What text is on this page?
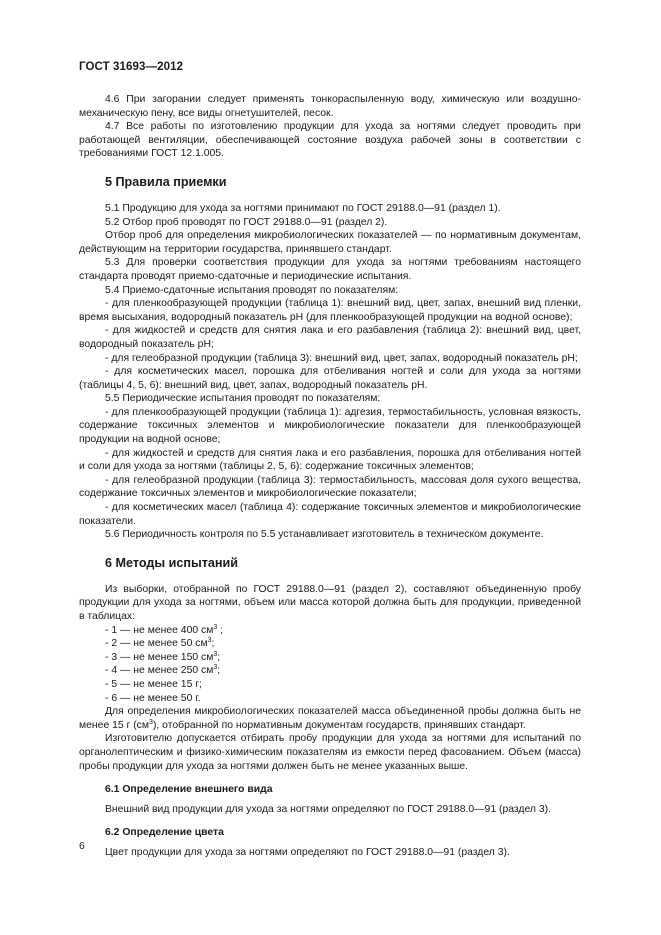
ГОСТ 31693—2012

4.6 При загорании следует применять тонкораспыленную воду, химическую или воздушно-механическую пену, все виды огнетушителей, песок.

4.7 Все работы по изготовлению продукции для ухода за ногтями следует проводить при работающей вентиляции, обеспечивающей состояние воздуха рабочей зоны в соответствии с требованиями ГОСТ 12.1.005.

5 Правила приемки

5.1 Продукцию для ухода за ногтями принимают по ГОСТ 29188.0—91 (раздел 1).

5.2 Отбор проб проводят по ГОСТ 29188.0—91 (раздел 2).

Отбор проб для определения микробиологических показателей — по нормативным документам, действующим на территории государства, принявшего стандарт.

5.3 Для проверки соответствия продукции для ухода за ногтями требованиям настоящего стандарта проводят приемо-сдаточные и периодические испытания.

5.4 Приемо-сдаточные испытания проводят по показателям:

- для пленкообразующей продукции (таблица 1): внешний вид, цвет, запах, внешний вид пленки, время высыхания, водородный показатель pH (для пленкообразующей продукции на водной основе);

- для жидкостей и средств для снятия лака и его разбавления (таблица 2): внешний вид, цвет, водородный показатель pH;

- для гелеобразной продукции (таблица 3): внешний вид, цвет, запах, водородный показатель pH;

- для косметических масел, порошка для отбеливания ногтей и соли для ухода за ногтями (таблицы 4, 5, 6): внешний вид, цвет, запах, водородный показатель pH.

5.5 Периодические испытания проводят по показателям:

- для пленкообразующей продукции (таблица 1): адгезия, термостабильность, условная вязкость, содержание токсичных элементов и микробиологические показатели для пленкообразующей продукции на водной основе;

- для жидкостей и средств для снятия лака и его разбавления, порошка для отбеливания ногтей и соли для ухода за ногтями (таблицы 2, 5, 6): содержание токсичных элементов;

- для гелеобразной продукции (таблица 3): термостабильность, массовая доля сухого вещества, содержание токсичных элементов и микробиологические показатели;

- для косметических масел (таблица 4): содержание токсичных элементов и микробиологические показатели.

5.6 Периодичность контроля по 5.5 устанавливает изготовитель в техническом документе.

6 Методы испытаний

Из выборки, отобранной по ГОСТ 29188.0—91 (раздел 2), составляют объединенную пробу продукции для ухода за ногтями, объем или масса которой должна быть для продукции, приведенной в таблицах:

- 1 — не менее 400 $см^3$ ;

- 2 — не менее 50 $см^3$;

- 3 — не менее 150 $см^3$;

- 4 — не менее 250 $см^3$;

- 5 — не менее 15 г;

- 6 — не менее 50 г.

Для определения микробиологических показателей масса объединенной пробы должна быть не менее 15 г $(см^3)$, отобранной по нормативным документам государств, принявших стандарт.

Изготовителю допускается отбирать пробу продукции для ухода за ногтями для испытаний по органолептическим и физико-химическим показателям из емкости перед фасованием. Объем (масса) пробы продукции для ухода за ногтями должен быть не менее указанных выше.

6.1 Определение внешнего вида

Внешний вид продукции для ухода за ногтями определяют по ГОСТ 29188.0—91 (раздел 3).

6.2 Определение цвета

Цвет продукции для ухода за ногтями определяют по ГОСТ 29188.0—91 (раздел 3).

6
